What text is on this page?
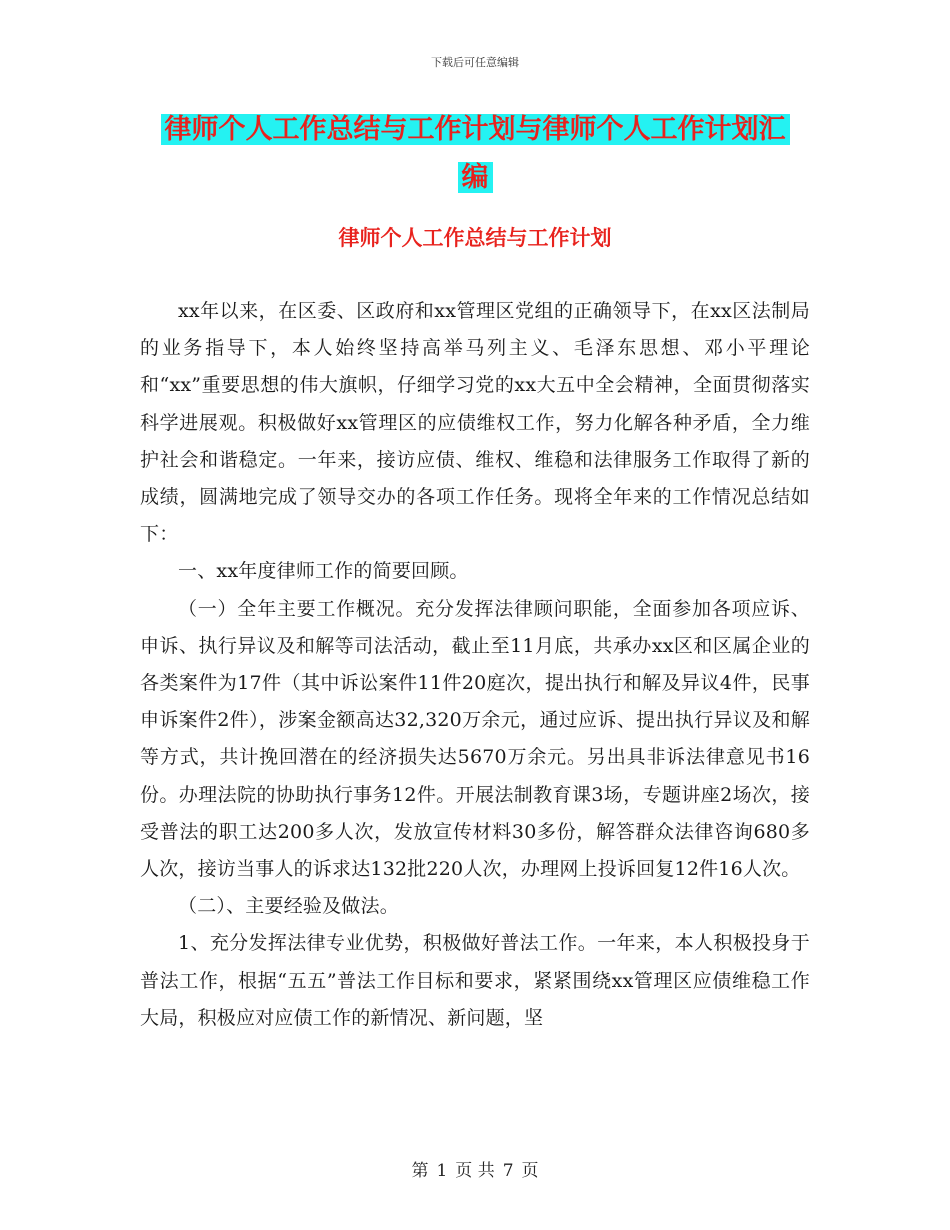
下载后可任意编辑
律师个人工作总结与工作计划与律师个人工作计划汇
编
律师个人工作总结与工作计划

xx年以来，在区委、区政府和xx管理区党组的正确领导下，在xx区法制局的业务指导下，本人始终坚持高举马列主义、毛泽东思想、邓小平理论和“xx”重要思想的伟大旗帜，仔细学习党的xx大五中全会精神，全面贯彻落实科学进展观。积极做好xx管理区的应债维权工作，努力化解各种矛盾，全力维护社会和谐稳定。一年来，接访应债、维权、维稳和法律服务工作取得了新的成绩，圆满地完成了领导交办的各项工作任务。现将全年来的工作情况总结如下：

一、xx年度律师工作的简要回顾。

（一）全年主要工作概况。充分发挥法律顾问职能，全面参加各项应诉、申诉、执行异议及和解等司法活动，截止至11月底，共承办xx区和区属企业的各类案件为17件（其中诉讼案件11件20庭次，提出执行和解及异议4件，民事申诉案件2件），涉案金额高达32,320万余元，通过应诉、提出执行异议及和解等方式，共计挽回潜在的经济损失达5670万余元。另出具非诉法律意见书16份。办理法院的协助执行事务12件。开展法制教育课3场，专题讲座2场次，接受普法的职工达200多人次，发放宣传材料30多份，解答群众法律咨询680多人次，接访当事人的诉求达132批220人次，办理网上投诉回复12件16人次。

（二）、主要经验及做法。

1、充分发挥法律专业优势，积极做好普法工作。一年来，本人积极投身于普法工作，根据“五五”普法工作目标和要求，紧紧围绕xx管理区应债维稳工作大局，积极应对应债工作的新情况、新问题，坚

第 1 页 共 7 页
